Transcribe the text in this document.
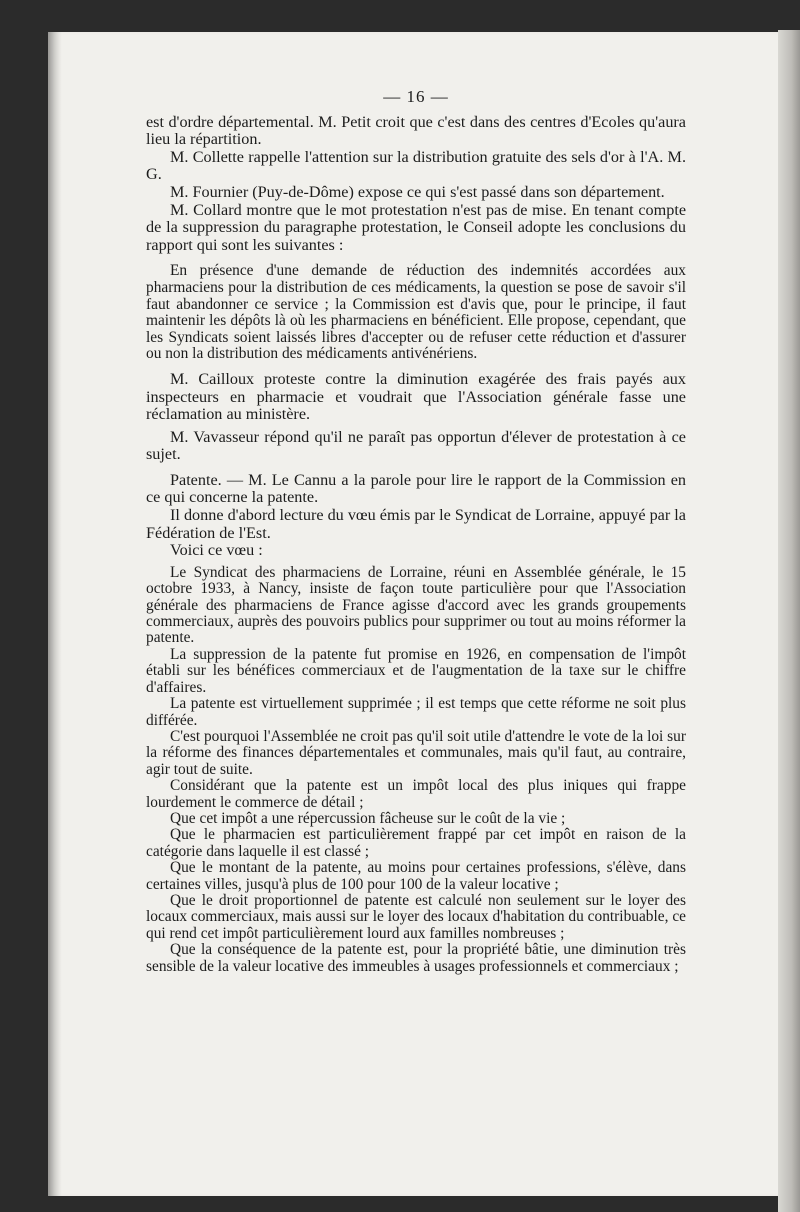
— 16 —

est d'ordre départemental. M. Petit croit que c'est dans des centres d'Ecoles qu'aura lieu la répartition.

M. Collette rappelle l'attention sur la distribution gratuite des sels d'or à l'A. M. G.

M. Fournier (Puy-de-Dôme) expose ce qui s'est passé dans son département.

M. Collard montre que le mot protestation n'est pas de mise. En tenant compte de la suppression du paragraphe protestation, le Conseil adopte les conclusions du rapport qui sont les suivantes :

En présence d'une demande de réduction des indemnités accordées aux pharmaciens pour la distribution de ces médicaments, la question se pose de savoir s'il faut abandonner ce service ; la Commission est d'avis que, pour le principe, il faut maintenir les dépôts là où les pharmaciens en bénéficient. Elle propose, cependant, que les Syndicats soient laissés libres d'accepter ou de refuser cette réduction et d'assurer ou non la distribution des médicaments antivénériens.

M. Cailloux proteste contre la diminution exagérée des frais payés aux inspecteurs en pharmacie et voudrait que l'Association générale fasse une réclamation au ministère.

M. Vavasseur répond qu'il ne paraît pas opportun d'élever de protestation à ce sujet.

Patente. — M. Le Cannu a la parole pour lire le rapport de la Commission en ce qui concerne la patente.

Il donne d'abord lecture du vœu émis par le Syndicat de Lorraine, appuyé par la Fédération de l'Est.

Voici ce vœu :

Le Syndicat des pharmaciens de Lorraine, réuni en Assemblée générale, le 15 octobre 1933, à Nancy, insiste de façon toute particulière pour que l'Association générale des pharmaciens de France agisse d'accord avec les grands groupements commerciaux, auprès des pouvoirs publics pour supprimer ou tout au moins réformer la patente.

La suppression de la patente fut promise en 1926, en compensation de l'impôt établi sur les bénéfices commerciaux et de l'augmentation de la taxe sur le chiffre d'affaires.

La patente est virtuellement supprimée ; il est temps que cette réforme ne soit plus différée.

C'est pourquoi l'Assemblée ne croit pas qu'il soit utile d'attendre le vote de la loi sur la réforme des finances départementales et communales, mais qu'il faut, au contraire, agir tout de suite.

Considérant que la patente est un impôt local des plus iniques qui frappe lourdement le commerce de détail ;

Que cet impôt a une répercussion fâcheuse sur le coût de la vie ;

Que le pharmacien est particulièrement frappé par cet impôt en raison de la catégorie dans laquelle il est classé ;

Que le montant de la patente, au moins pour certaines professions, s'élève, dans certaines villes, jusqu'à plus de 100 pour 100 de la valeur locative ;

Que le droit proportionnel de patente est calculé non seulement sur le loyer des locaux commerciaux, mais aussi sur le loyer des locaux d'habitation du contribuable, ce qui rend cet impôt particulièrement lourd aux familles nombreuses ;

Que la conséquence de la patente est, pour la propriété bâtie, une diminution très sensible de la valeur locative des immeubles à usages professionnels et commerciaux ;
